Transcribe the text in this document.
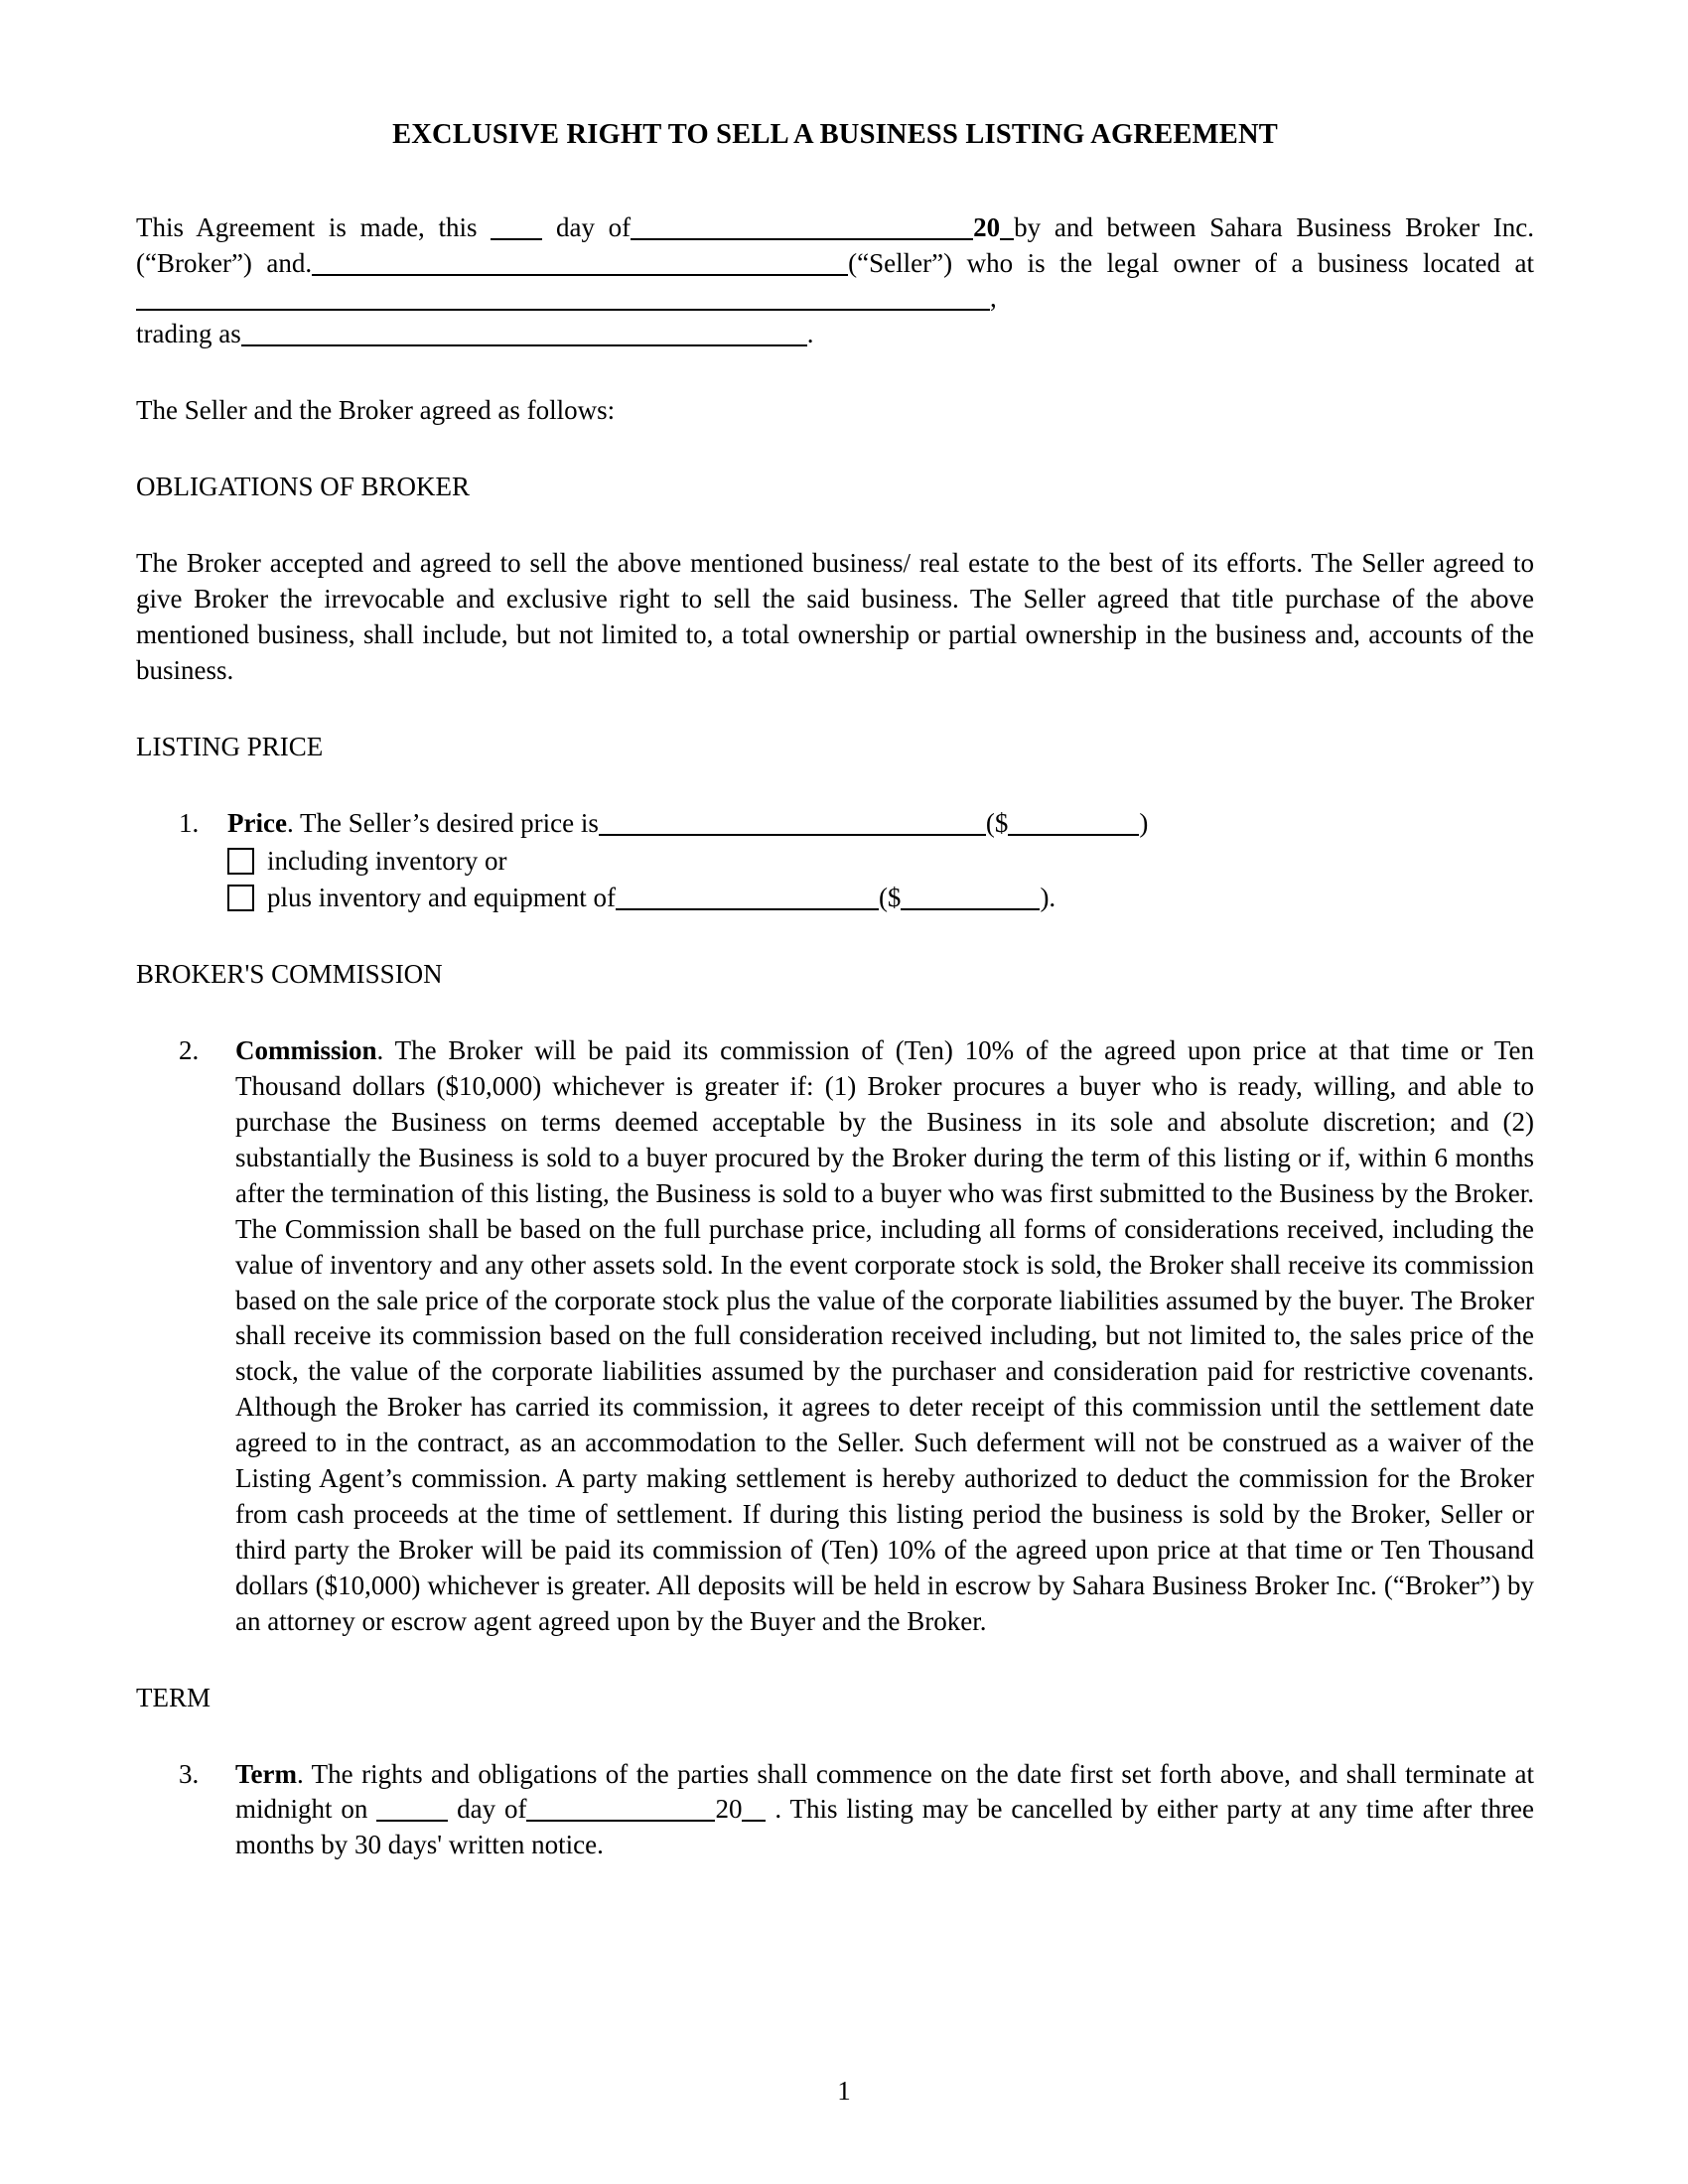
EXCLUSIVE RIGHT TO SELL A BUSINESS LISTING AGREEMENT

This Agreement is made, this	day of	20 by and between Sahara Business Broker Inc. (“Broker”) and.	(“Seller”) who is the legal owner of a business located at,

trading as	.

The Seller and the Broker agreed as follows:

OBLIGATIONS OF BROKER

The Broker accepted and agreed to sell the above mentioned business/ real estate to the best of its efforts. The Seller agreed to give Broker the irrevocable and exclusive right to sell the said business. The Seller agreed that title purchase of the above mentioned business, shall include, but not limited to, a total ownership or partial ownership in the business and, accounts of the business.

LISTING PRICE

1. Price. The Seller’s desired price is	($	)
including inventory or
plus inventory and equipment of	($	).

BROKER'S COMMISSION

2. Commission. The Broker will be paid its commission of (Ten) 10% of the agreed upon price at that time or Ten Thousand dollars ($10,000) whichever is greater if: (1) Broker procures a buyer who is ready, willing, and able to purchase the Business on terms deemed acceptable by the Business in its sole and absolute discretion; and (2) substantially the Business is sold to a buyer procured by the Broker during the term of this listing or if, within 6 months after the termination of this listing, the Business is sold to a buyer who was first submitted to the Business by the Broker. The Commission shall be based on the full purchase price, including all forms of considerations received, including the value of inventory and any other assets sold. In the event corporate stock is sold, the Broker shall receive its commission based on the sale price of the corporate stock plus the value of the corporate liabilities assumed by the buyer. The Broker shall receive its commission based on the full consideration received including, but not limited to, the sales price of the stock, the value of the corporate liabilities assumed by the purchaser and consideration paid for restrictive covenants. Although the Broker has carried its commission, it agrees to deter receipt of this commission until the settlement date agreed to in the contract, as an accommodation to the Seller. Such deferment will not be construed as a waiver of the Listing Agent’s commission. A party making settlement is hereby authorized to deduct the commission for the Broker from cash proceeds at the time of settlement. If during this listing period the business is sold by the Broker, Seller or third party the Broker will be paid its commission of (Ten) 10% of the agreed upon price at that time or Ten Thousand dollars ($10,000) whichever is greater. All deposits will be held in escrow by Sahara Business Broker Inc. (“Broker”) by an attorney or escrow agent agreed upon by the Buyer and the Broker.

TERM

3. Term. The rights and obligations of the parties shall commence on the date first set forth above, and shall terminate at midnight on	day of	20 . This listing may be cancelled by either party at any time after three months by 30 days' written notice.
1
